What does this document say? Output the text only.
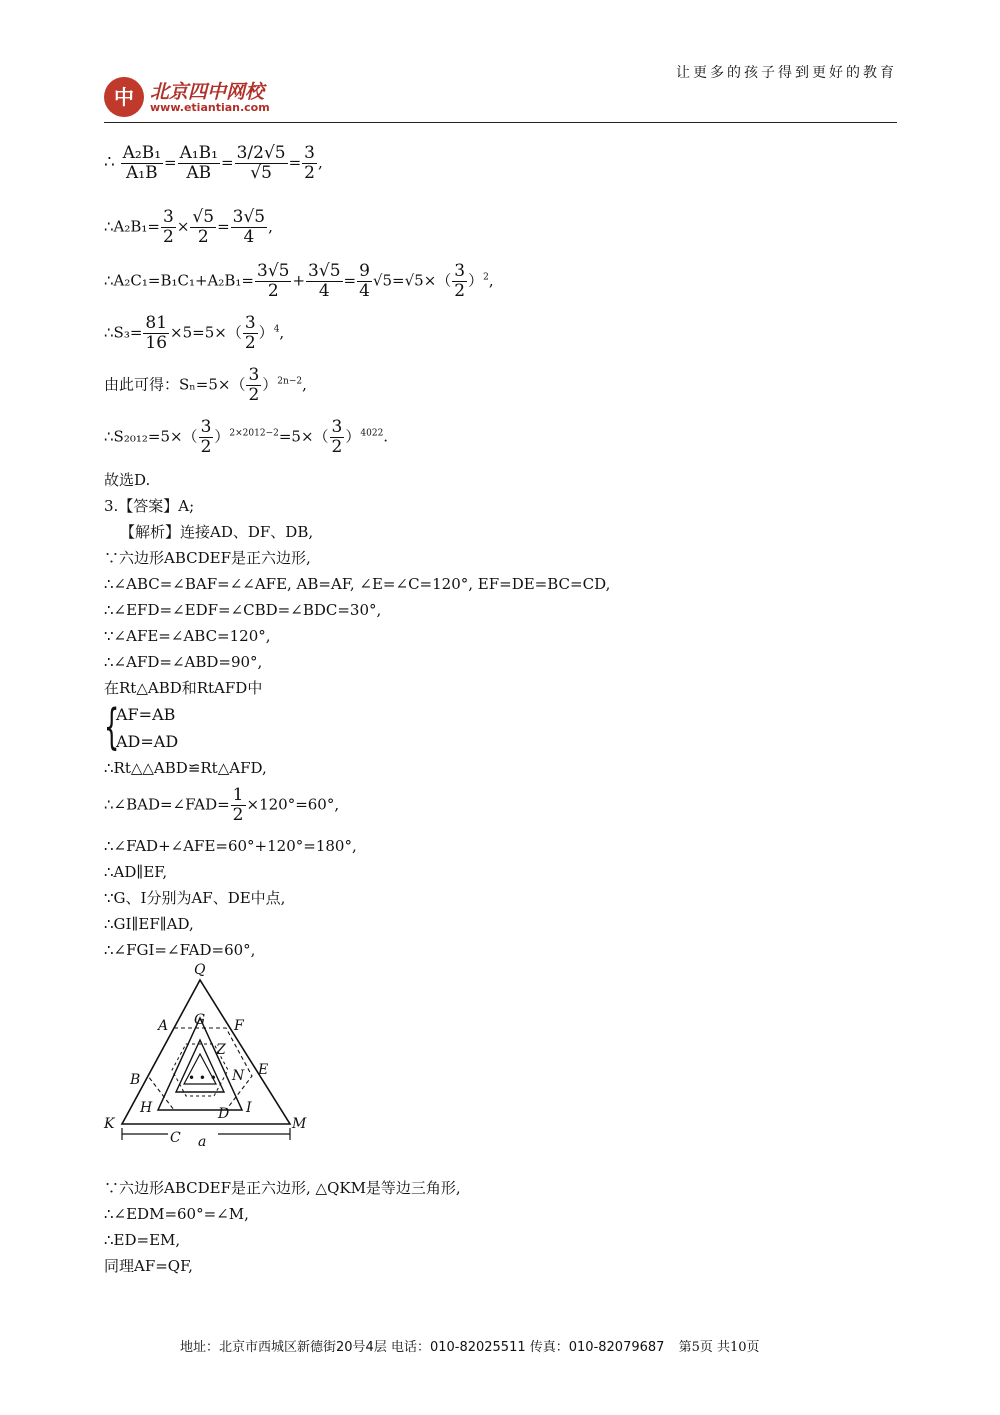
让更多的孩子得到更好的教育
中 北京四中网校
www.etiantian.com
∴ $\frac{\text{A₂B₁}}{\text{A₁B}} = \frac{\text{A₁B₁}}{AB} = \frac{3/2√5}{√5} = \frac{3}{2}$ ,
∴A₂B₁= $\frac{3}{2} \times \frac{√5}{2} = \frac{3√5}{4}$ ,
∴A₂C₁=B₁C₁+A₂B₁= $\frac{3√5}{2} + \frac{3√5}{4} = \frac{9}{4} √5=√5\times( \frac{3}{2} )^2$,
∴S₃= $\frac{81}{16} \times 5=5\times( \frac{3}{2} )^4$,
由此可得：$S_n=5\times( \frac{3}{2} )^{2n-2}$,
∴S₂₀₁₂=5×（ $\frac{3}{2} )^{2\times 2012-2}=5\times( \frac{3}{2} )^{4022}$.
故选D.
3.【答案】A;
【解析】连接AD、DF、DB,
∵六边形ABCDEF是正六边形,
∴∠ABC=∠BAF=∠∠AFE, AB=AF, ∠E=∠C=120°, EF=DE=BC=CD,
∴∠EFD=∠EDF=∠CBD=∠BDC=30°,
∵∠AFE=∠ABC=120°,
∴∠AFD=∠ABD=90°,
在Rt△ABD和RtAFD中
{
AF=AB
AD=AD
∴Rt△△ABD≌Rt△AFD,
∴∠BAD=∠FAD= $\frac{1}{2} \times 120^\circ=60^\circ$,
∴∠FAD+∠AFE=60°+120°=180°,
∴AD∥EF,
∵G、I分别为AF、DE中点,
∴GI∥EF∥AD,
∴∠FGI=∠FAD=60°,
Q
A G F
Z
B	N E
H	D I
K
C a
M
• • •
∵六边形ABCDEF是正六边形, △QKM是等边三角形,
∴∠EDM=60°=∠M,
∴ED=EM,
同理AF=QF,
地址：北京市西城区新德街20号4层 电话：010-82025511 传真：010-82079687 第5页 共10页
